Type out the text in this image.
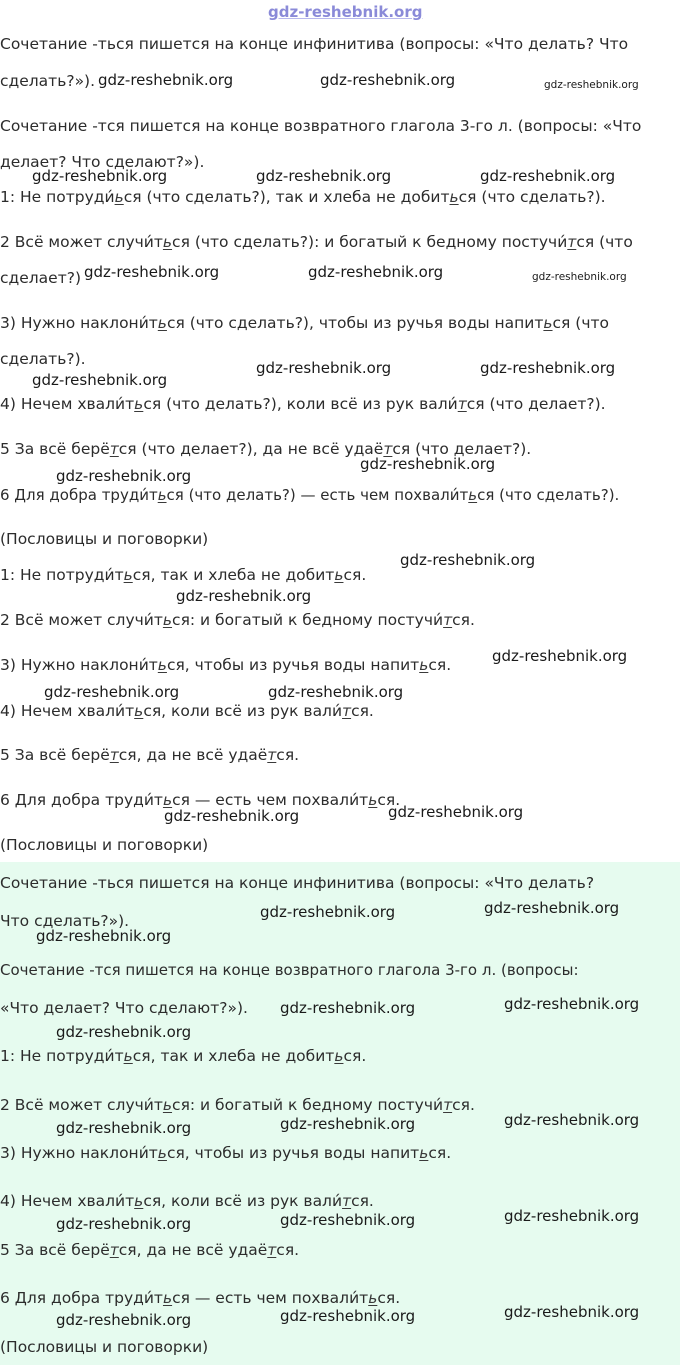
gdz-reshebnik.org
Сочетание -ться пишется на конце инфинитива (вопросы: «Что делать? Что
сделать?»).
Сочетание -тся пишется на конце возвратного глагола 3-го л. (вопросы: «Что
делает? Что сделают?»).
1: Не потруди́ься (что сделать?), так и хлеба не добиться (что сделать?).
2 Всё может случи́ться (что сделать?): и богатый к бедному постучи́тся (что
сделает?)
3) Нужно наклони́ться (что сделать?), чтобы из ручья воды напиться (что
сделать?).
4) Нечем хвали́ться (что делать?), коли всё из рук вали́тся (что делает?).
5 За всё берётся (что делает?), да не всё удаётся (что делает?).
6 Для добра труди́ться (что делать?) — есть чем похвали́ться (что сделать?).
(Пословицы и поговорки)
1: Не потруди́ться, так и хлеба не добиться.
2 Всё может случи́ться: и богатый к бедному постучи́тся.
3) Нужно наклони́ться, чтобы из ручья воды напиться.
4) Нечем хвали́ться, коли всё из рук вали́тся.
5 За всё берётся, да не всё удаётся.
6 Для добра труди́ться — есть чем похвали́ться.
(Пословицы и поговорки)
Сочетание -ться пишется на конце инфинитива (вопросы: «Что делать?
Что сделать?»).
Сочетание -тся пишется на конце возвратного глагола 3-го л. (вопросы:
«Что делает? Что сделают?»).
1: Не потруди́ться, так и хлеба не добиться.
2 Всё может случи́ться: и богатый к бедному постучи́тся.
3) Нужно наклони́ться, чтобы из ручья воды напиться.
4) Нечем хвали́ться, коли всё из рук вали́тся.
5 За всё берётся, да не всё удаётся.
6 Для добра труди́ться — есть чем похвали́ться.
(Пословицы и поговорки)
gdz-reshebnik.org	gdz-reshebnik.org	gdz-reshebnik.org
gdz-reshebnik.org	gdz-reshebnik.org	gdz-reshebnik.org
gdz-reshebnik.org	gdz-reshebnik.org	gdz-reshebnik.org
gdz-reshebnik.org
gdz-reshebnik.org	gdz-reshebnik.org
gdz-reshebnik.org
gdz-reshebnik.org
gdz-reshebnik.org
gdz-reshebnik.org
gdz-reshebnik.org
gdz-reshebnik.org	gdz-reshebnik.org
gdz-reshebnik.org
gdz-reshebnik.org
gdz-reshebnik.org	gdz-reshebnik.org
gdz-reshebnik.org
gdz-reshebnik.org	gdz-reshebnik.org
gdz-reshebnik.org
gdz-reshebnik.org	gdz-reshebnik.org	gdz-reshebnik.org
gdz-reshebnik.org	gdz-reshebnik.org	gdz-reshebnik.org
gdz-reshebnik.org	gdz-reshebnik.org	gdz-reshebnik.org
